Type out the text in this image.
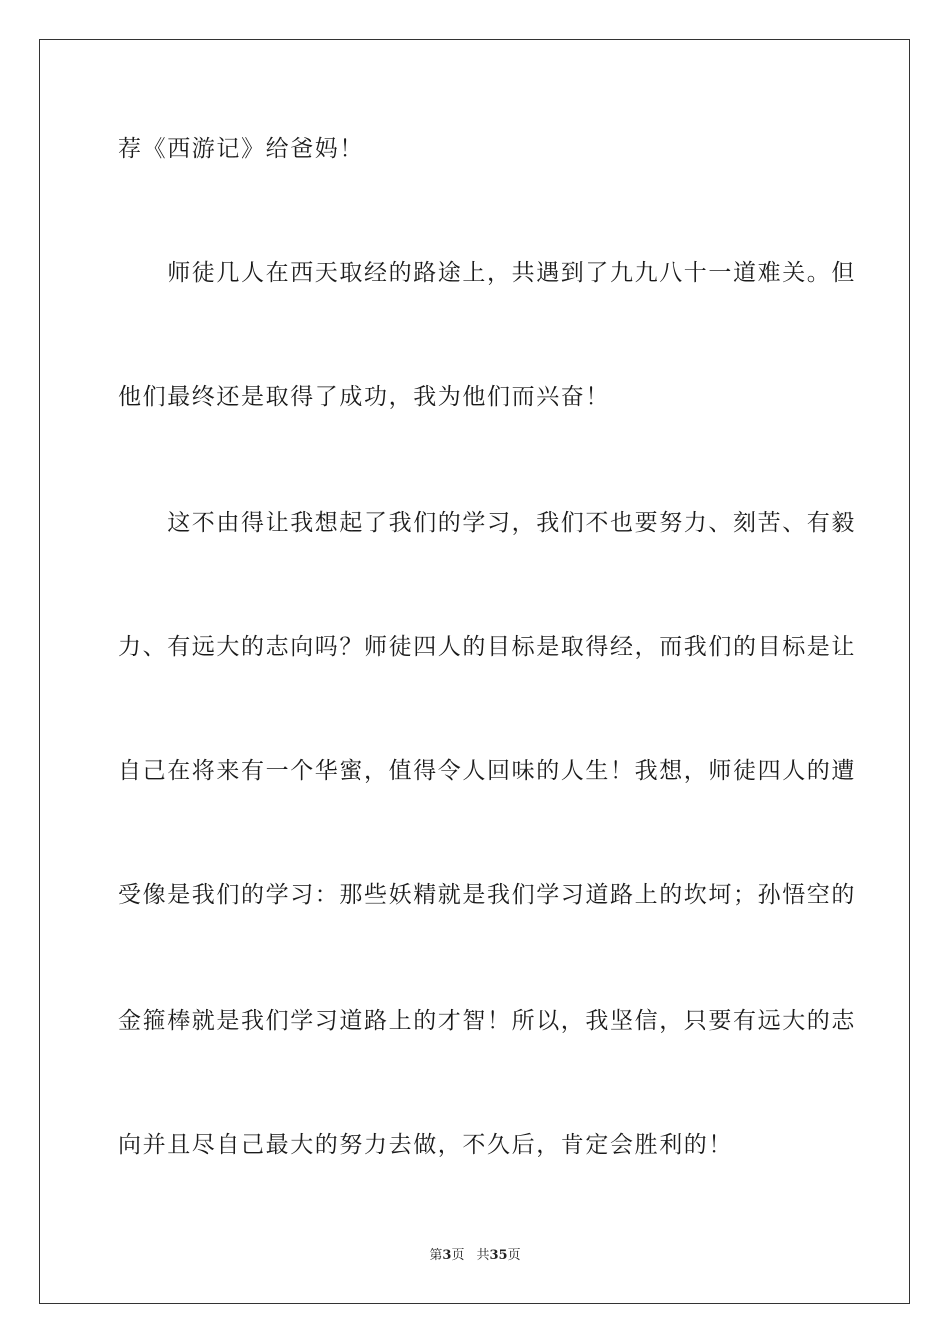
荐《西游记》给爸妈！
　　师徒几人在西天取经的路途上，共遇到了九九八十一道难关。但
他们最终还是取得了成功，我为他们而兴奋！
　　这不由得让我想起了我们的学习，我们不也要努力、刻苦、有毅
力、有远大的志向吗？师徒四人的目标是取得经，而我们的目标是让
自己在将来有一个华蜜，值得令人回味的人生！我想，师徒四人的遭
受像是我们的学习：那些妖精就是我们学习道路上的坎坷；孙悟空的
金箍棒就是我们学习道路上的才智！所以，我坚信，只要有远大的志
向并且尽自己最大的努力去做，不久后，肯定会胜利的！
第3页 共35页
